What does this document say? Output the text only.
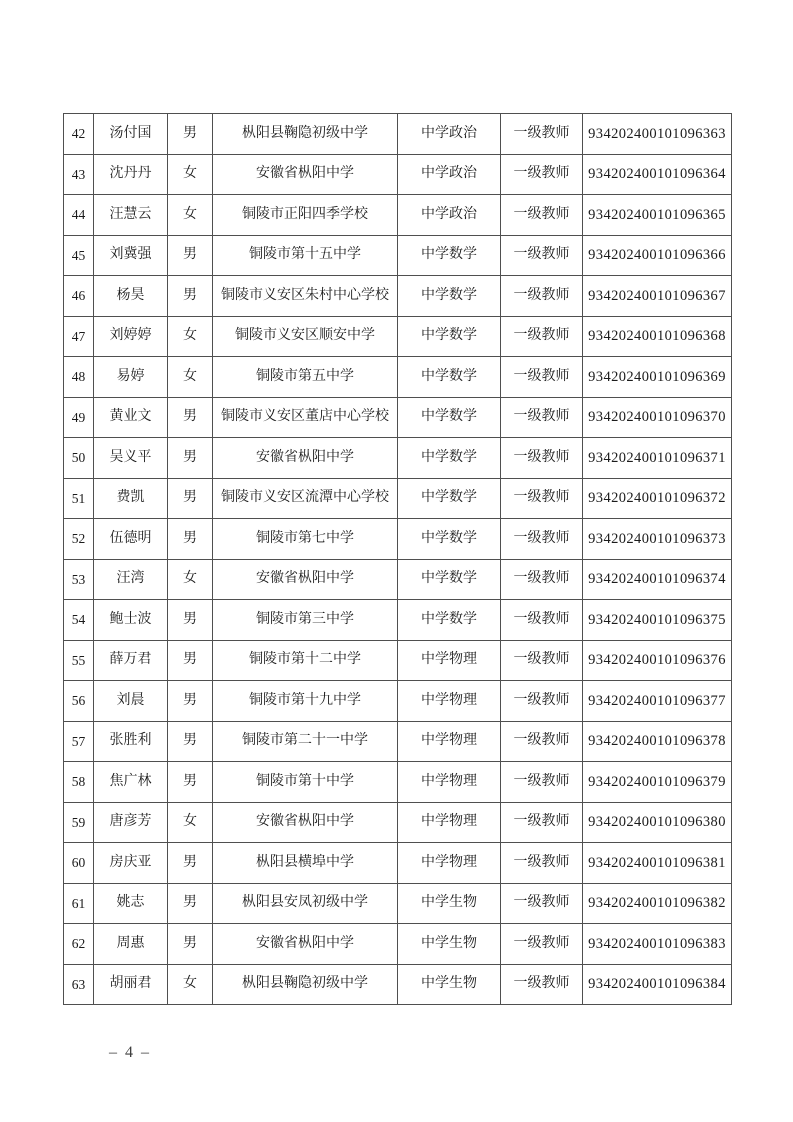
42	汤付国	男	枞阳县鞠隐初级中学	中学政治	一级教师	934202400101096363
43	沈丹丹	女	安徽省枞阳中学	中学政治	一级教师	934202400101096364
44	汪慧云	女	铜陵市正阳四季学校	中学政治	一级教师	934202400101096365
45	刘冀强	男	铜陵市第十五中学	中学数学	一级教师	934202400101096366
46	杨昊	男	铜陵市义安区朱村中心学校	中学数学	一级教师	934202400101096367
47	刘婷婷	女	铜陵市义安区顺安中学	中学数学	一级教师	934202400101096368
48	易婷	女	铜陵市第五中学	中学数学	一级教师	934202400101096369
49	黄业文	男	铜陵市义安区董店中心学校	中学数学	一级教师	934202400101096370
50	吴义平	男	安徽省枞阳中学	中学数学	一级教师	934202400101096371
51	费凯	男	铜陵市义安区流潭中心学校	中学数学	一级教师	934202400101096372
52	伍德明	男	铜陵市第七中学	中学数学	一级教师	934202400101096373
53	汪湾	女	安徽省枞阳中学	中学数学	一级教师	934202400101096374
54	鲍士波	男	铜陵市第三中学	中学数学	一级教师	934202400101096375
55	薛万君	男	铜陵市第十二中学	中学物理	一级教师	934202400101096376
56	刘晨	男	铜陵市第十九中学	中学物理	一级教师	934202400101096377
57	张胜利	男	铜陵市第二十一中学	中学物理	一级教师	934202400101096378
58	焦广林	男	铜陵市第十中学	中学物理	一级教师	934202400101096379
59	唐彦芳	女	安徽省枞阳中学	中学物理	一级教师	934202400101096380
60	房庆亚	男	枞阳县横埠中学	中学物理	一级教师	934202400101096381
61	姚志	男	枞阳县安凤初级中学	中学生物	一级教师	934202400101096382
62	周惠	男	安徽省枞阳中学	中学生物	一级教师	934202400101096383
63	胡丽君	女	枞阳县鞠隐初级中学	中学生物	一级教师	934202400101096384
– 4 –
